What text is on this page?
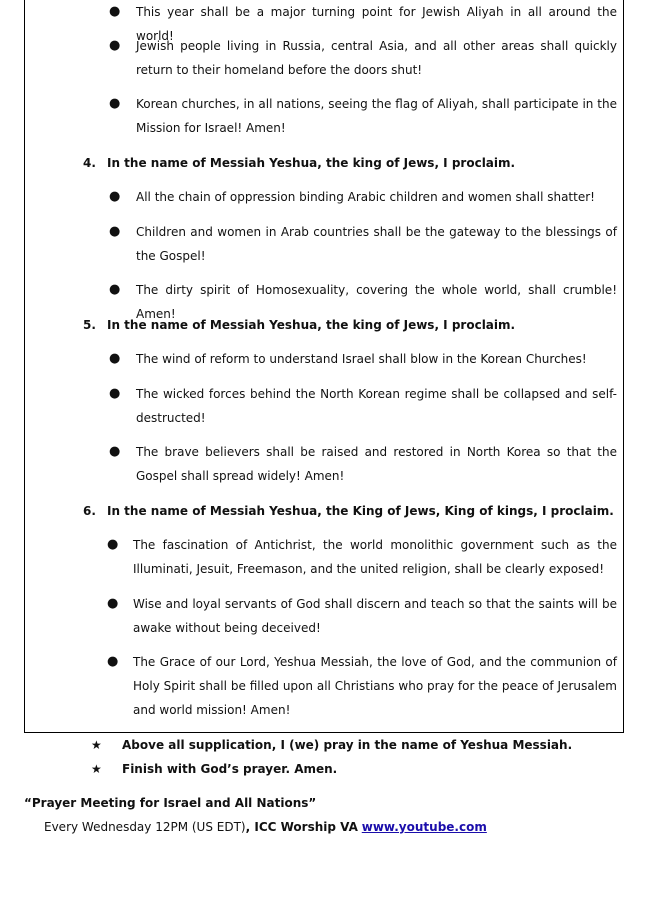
● This year shall be a major turning point for Jewish Aliyah in all around the world!

● Jewish people living in Russia, central Asia, and all other areas shall quickly return to their homeland before the doors shut!

● Korean churches, in all nations, seeing the flag of Aliyah, shall participate in the Mission for Israel! Amen!

4. In the name of Messiah Yeshua, the king of Jews, I proclaim.

● All the chain of oppression binding Arabic children and women shall shatter!

● Children and women in Arab countries shall be the gateway to the blessings of the Gospel!

● The dirty spirit of Homosexuality, covering the whole world, shall crumble! Amen!

5. In the name of Messiah Yeshua, the king of Jews, I proclaim.

● The wind of reform to understand Israel shall blow in the Korean Churches!

● The wicked forces behind the North Korean regime shall be collapsed and self-destructed!

● The brave believers shall be raised and restored in North Korea so that the Gospel shall spread widely! Amen!

6. In the name of Messiah Yeshua, the King of Jews, King of kings, I proclaim.

● The fascination of Antichrist, the world monolithic government such as the Illuminati, Jesuit, Freemason, and the united religion, shall be clearly exposed!

● Wise and loyal servants of God shall discern and teach so that the saints will be awake without being deceived!

● The Grace of our Lord, Yeshua Messiah, the love of God, and the communion of Holy Spirit shall be filled upon all Christians who pray for the peace of Jerusalem and world mission! Amen!

★ Above all supplication, I (we) pray in the name of Yeshua Messiah.

★ Finish with God’s prayer. Amen.

“Prayer Meeting for Israel and All Nations”

Every Wednesday 12PM (US EDT), ICC Worship VA www.youtube.com
